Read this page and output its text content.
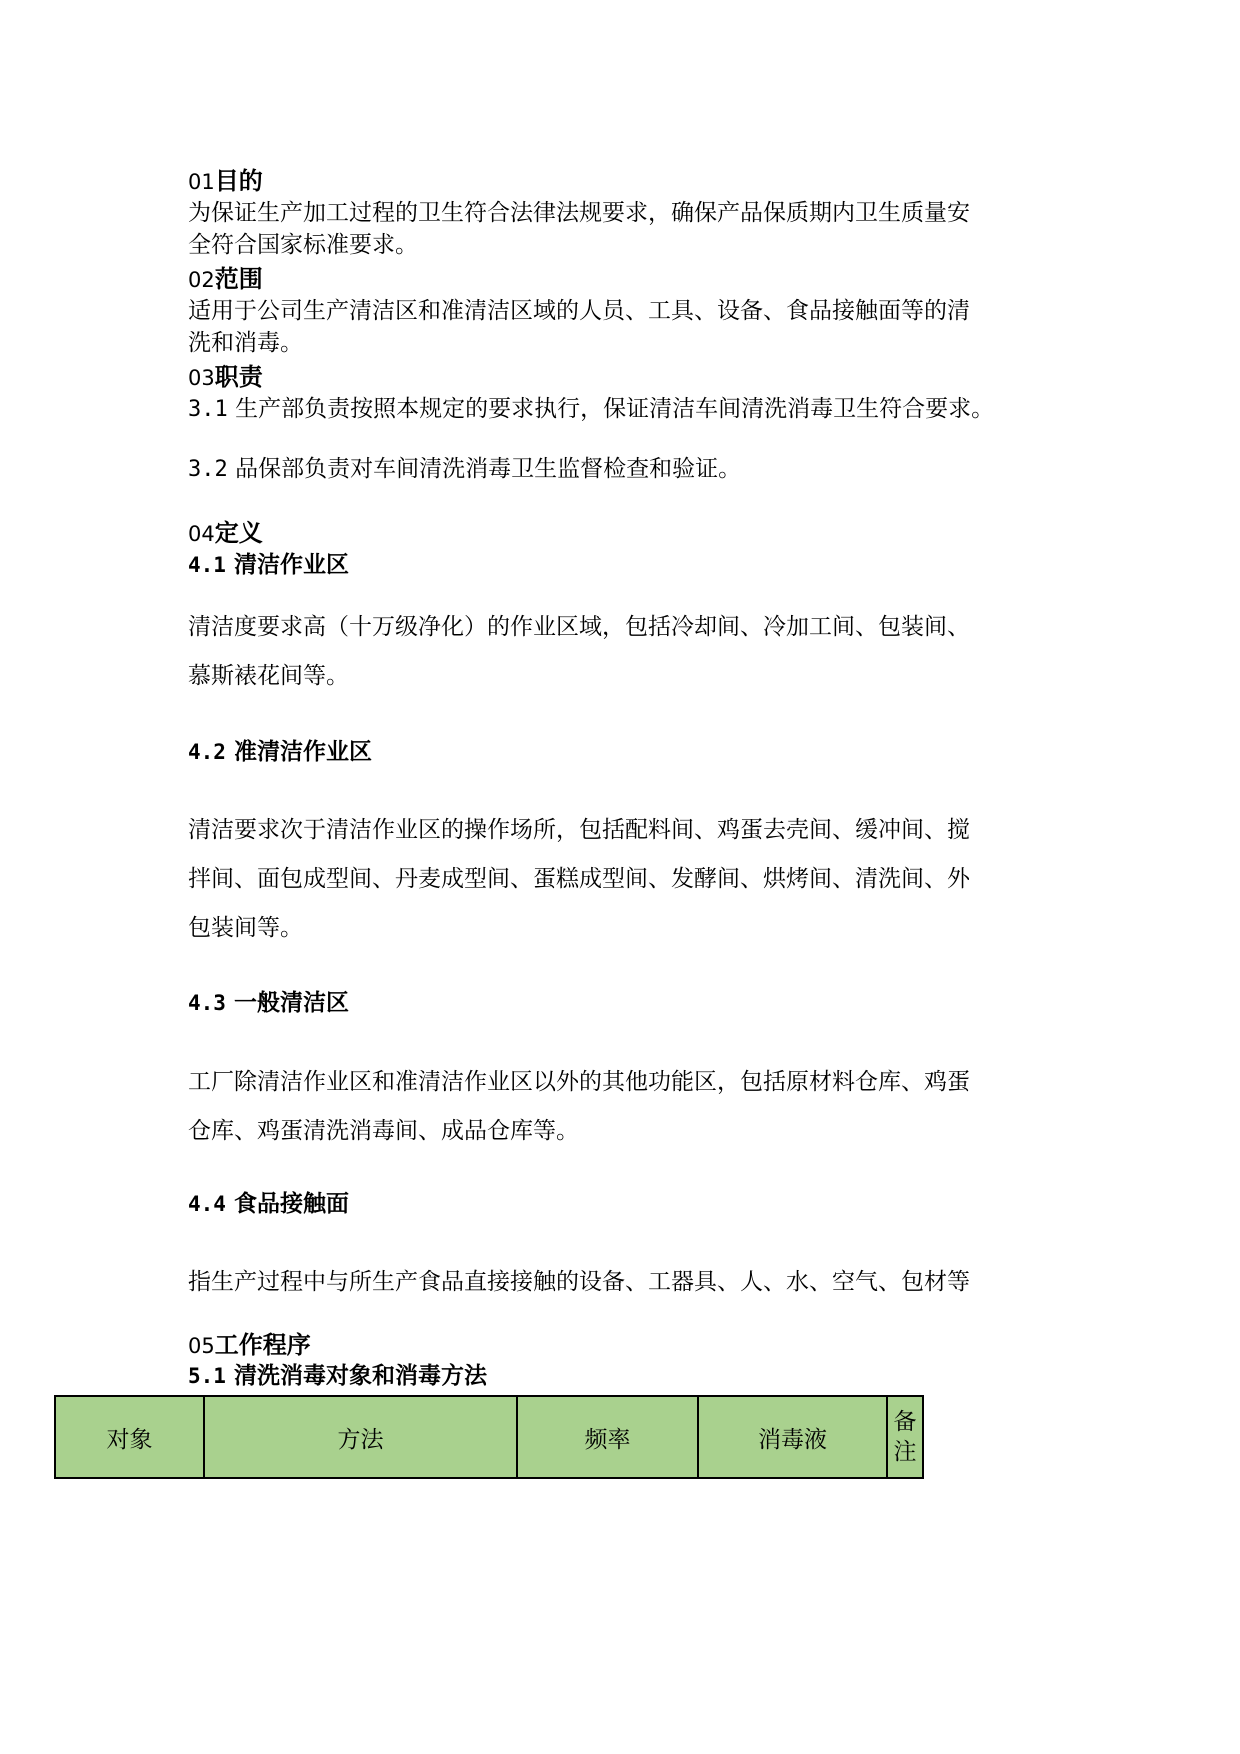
01目的
为保证生产加工过程的卫生符合法律法规要求，确保产品保质期内卫生质量安
全符合国家标准要求。
02范围
适用于公司生产清洁区和准清洁区域的人员、工具、设备、食品接触面等的清
洗和消毒。
03职责
3.1 生产部负责按照本规定的要求执行，保证清洁车间清洗消毒卫生符合要求。
3.2 品保部负责对车间清洗消毒卫生监督检查和验证。
04定义
4.1 清洁作业区
清洁度要求高（十万级净化）的作业区域，包括冷却间、冷加工间、包装间、
慕斯裱花间等。
4.2 准清洁作业区
清洁要求次于清洁作业区的操作场所，包括配料间、鸡蛋去壳间、缓冲间、搅
拌间、面包成型间、丹麦成型间、蛋糕成型间、发酵间、烘烤间、清洗间、外
包装间等。
4.3 一般清洁区
工厂除清洁作业区和准清洁作业区以外的其他功能区，包括原材料仓库、鸡蛋
仓库、鸡蛋清洗消毒间、成品仓库等。
4.4 食品接触面
指生产过程中与所生产食品直接接触的设备、工器具、人、水、空气、包材等
05工作程序
5.1 清洗消毒对象和消毒方法
对象	方法	频率	消毒液	备
注
